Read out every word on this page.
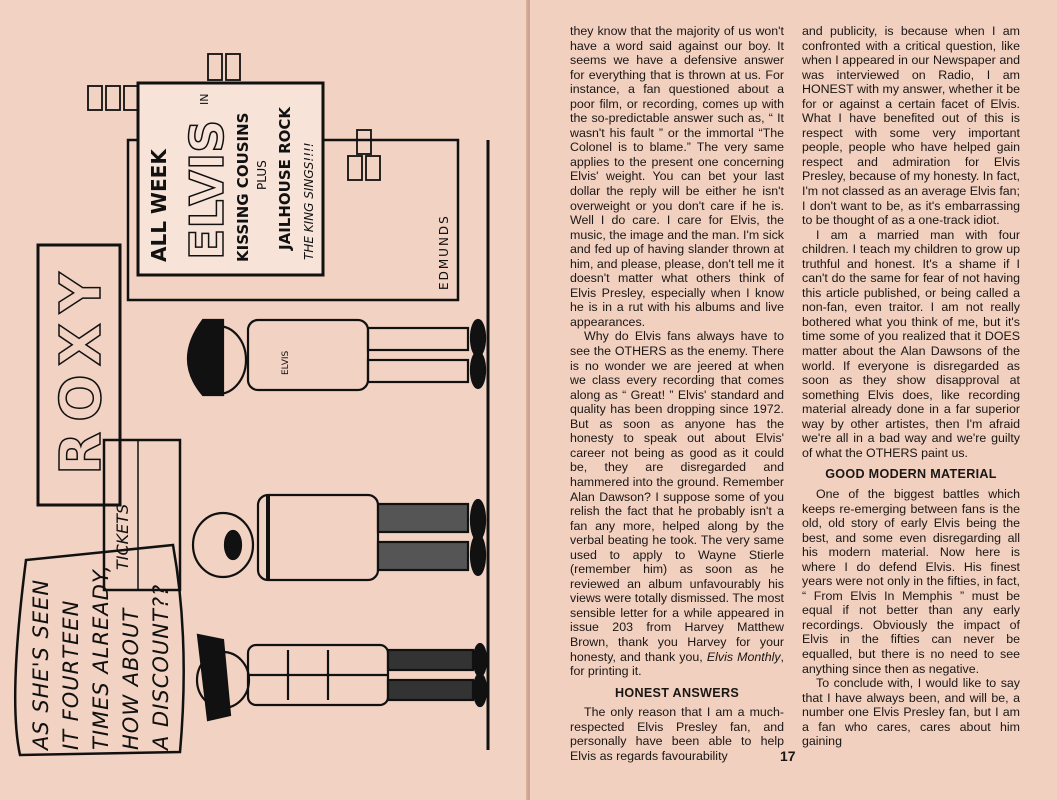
AS SHE'S SEEN IT FOURTEEN TIMES ALREADY, HOW ABOUT A DISCOUNT??
TICKETS
ROXY	ELVIS
ALL WEEK ELVIS
IN
KISSING COUSINS PLUS JAILHOUSE ROCK THE KING SINGS!!!!	EDMUNDS

they know that the majority of us won't have a word said against our boy. It seems we have a defensive answer for everything that is thrown at us. For instance, a fan questioned about a poor film, or recording, comes up with the so-predictable answer such as, “ It wasn't his fault ” or the immortal “The Colonel is to blame.” The very same applies to the present one concerning Elvis' weight. You can bet your last dollar the reply will be either he isn't overweight or you don't care if he is. Well I do care. I care for Elvis, the music, the image and the man. I'm sick and fed up of having slander thrown at him, and please, please, don't tell me it doesn't matter what others think of Elvis Presley, especially when I know he is in a rut with his albums and live appearances.

Why do Elvis fans always have to see the OTHERS as the enemy. There is no wonder we are jeered at when we class every recording that comes along as “ Great! ” Elvis' standard and quality has been dropping since 1972. But as soon as anyone has the honesty to speak out about Elvis' career not being as good as it could be, they are disregarded and hammered into the ground. Remember Alan Dawson? I suppose some of you relish the fact that he probably isn't a fan any more, helped along by the verbal beating he took. The very same used to apply to Wayne Stierle (remember him) as soon as he reviewed an album unfavourably his views were totally dismissed. The most sensible letter for a while appeared in issue 203 from Harvey Matthew Brown, thank you Harvey for your honesty, and thank you, Elvis Monthly, for printing it.

HONEST ANSWERS

The only reason that I am a much-respected Elvis Presley fan, and personally have been able to help Elvis as regards favourability

and publicity, is because when I am confronted with a critical question, like when I appeared in our Newspaper and was interviewed on Radio, I am HONEST with my answer, whether it be for or against a certain facet of Elvis. What I have benefited out of this is respect with some very important people, people who have helped gain respect and admiration for Elvis Presley, because of my honesty. In fact, I'm not classed as an average Elvis fan; I don't want to be, as it's embarrassing to be thought of as a one-track idiot.

I am a married man with four children. I teach my children to grow up truthful and honest. It's a shame if I can't do the same for fear of not having this article published, or being called a non-fan, even traitor. I am not really bothered what you think of me, but it's time some of you realized that it DOES matter about the Alan Dawsons of the world. If everyone is disregarded as soon as they show disapproval at something Elvis does, like recording material already done in a far superior way by other artistes, then I'm afraid we're all in a bad way and we're guilty of what the OTHERS paint us.

GOOD MODERN MATERIAL

One of the biggest battles which keeps re-emerging between fans is the old, old story of early Elvis being the best, and some even disregarding all his modern material. Now here is where I do defend Elvis. His finest years were not only in the fifties, in fact, “ From Elvis In Memphis ” must be equal if not better than any early recordings. Obviously the impact of Elvis in the fifties can never be equalled, but there is no need to see anything since then as negative.

To conclude with, I would like to say that I have always been, and will be, a number one Elvis Presley fan, but I am a fan who cares, cares about him gaining

17
